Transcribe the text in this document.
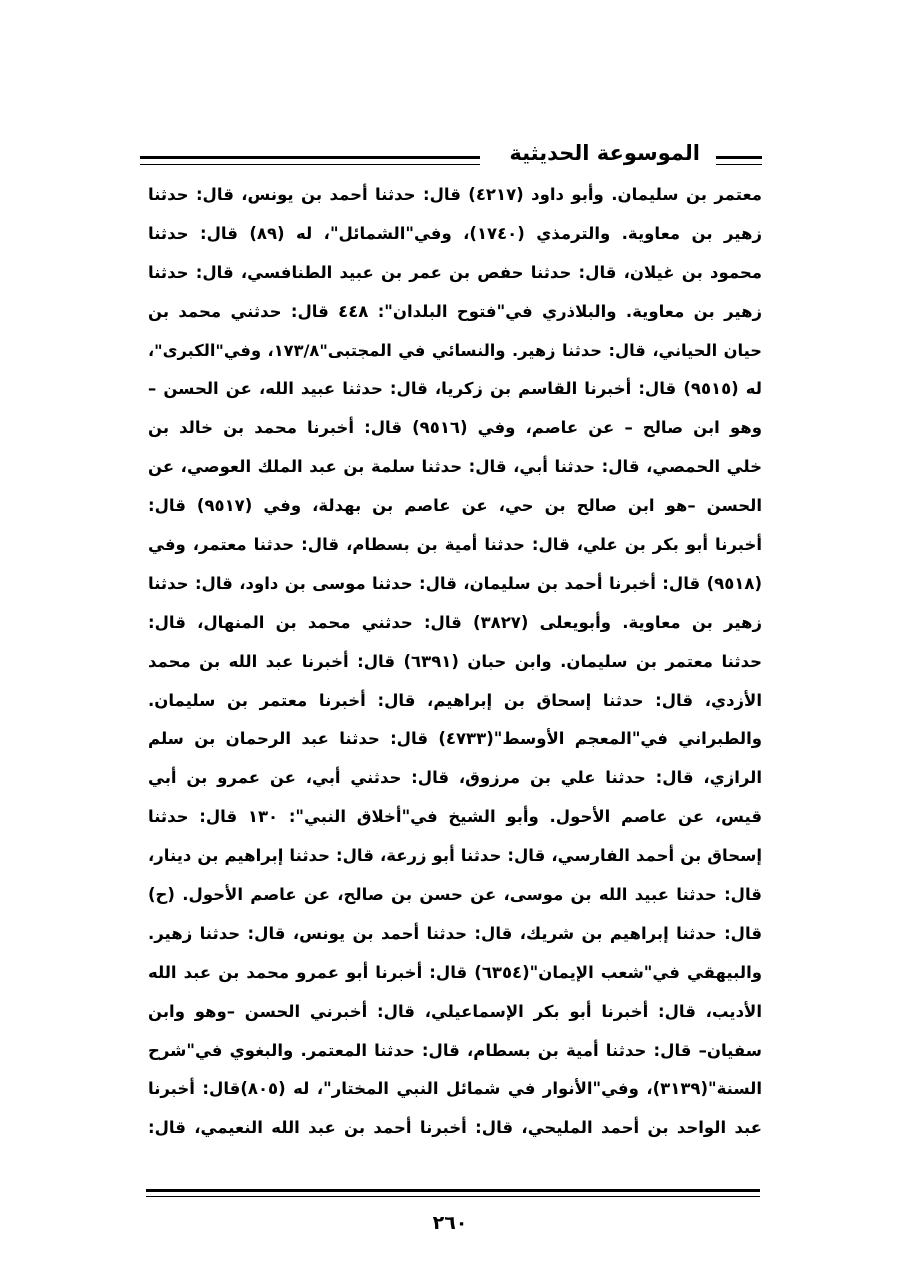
الموسوعة الحديثية
معتمر بن سليمان. وأبو داود (٤٢١٧) قال: حدثنا أحمد بن يونس، قال: حدثنا
زهير بن معاوية. والترمذي (١٧٤٠)، وفي"الشمائل"، له (٨٩) قال: حدثنا
محمود بن غيلان، قال: حدثنا حفص بن عمر بن عبيد الطنافسي، قال: حدثنا
زهير بن معاوية. والبلاذري في"فتوح البلدان": ٤٤٨ قال: حدثني محمد بن
حيان الحياني، قال: حدثنا زهير. والنسائي في المجتبى"١٧٣/٨، وفي"الكبرى"،
له (٩٥١٥) قال: أخبرنا القاسم بن زكريا، قال: حدثنا عبيد الله، عن الحسن –
وهو ابن صالح – عن عاصم، وفي (٩٥١٦) قال: أخبرنا محمد بن خالد بن
خلي الحمصي، قال: حدثنا أبي، قال: حدثنا سلمة بن عبد الملك العوصي، عن
الحسن –هو ابن صالح بن حي، عن عاصم بن بهدلة، وفي (٩٥١٧) قال:
أخبرنا أبو بكر بن علي، قال: حدثنا أمية بن بسطام، قال: حدثنا معتمر، وفي
(٩٥١٨) قال: أخبرنا أحمد بن سليمان، قال: حدثنا موسى بن داود، قال: حدثنا
زهير بن معاوية. وأبويعلى (٣٨٢٧) قال: حدثني محمد بن المنهال، قال:
حدثنا معتمر بن سليمان. وابن حبان (٦٣٩١) قال: أخبرنا عبد الله بن محمد
الأزدي، قال: حدثنا إسحاق بن إبراهيم، قال: أخبرنا معتمر بن سليمان.
والطبراني في"المعجم الأوسط"(٤٧٣٣) قال: حدثنا عبد الرحمان بن سلم
الرازي، قال: حدثنا علي بن مرزوق، قال: حدثني أبي، عن عمرو بن أبي
قيس، عن عاصم الأحول. وأبو الشيخ في"أخلاق النبي": ١٣٠ قال: حدثنا
إسحاق بن أحمد الفارسي، قال: حدثنا أبو زرعة، قال: حدثنا إبراهيم بن دينار،
قال: حدثنا عبيد الله بن موسى، عن حسن بن صالح، عن عاصم الأحول. (ح)
قال: حدثنا إبراهيم بن شريك، قال: حدثنا أحمد بن يونس، قال: حدثنا زهير.
والبيهقي في"شعب الإيمان"(٦٣٥٤) قال: أخبرنا أبو عمرو محمد بن عبد الله
الأديب، قال: أخبرنا أبو بكر الإسماعيلي، قال: أخبرني الحسن –وهو وابن
سفيان– قال: حدثنا أمية بن بسطام، قال: حدثنا المعتمر. والبغوي في"شرح
السنة"(٣١٣٩)، وفي"الأنوار في شمائل النبي المختار"، له (٨٠٥)قال: أخبرنا
عبد الواحد بن أحمد المليحي، قال: أخبرنا أحمد بن عبد الله النعيمي، قال:
٢٦٠
